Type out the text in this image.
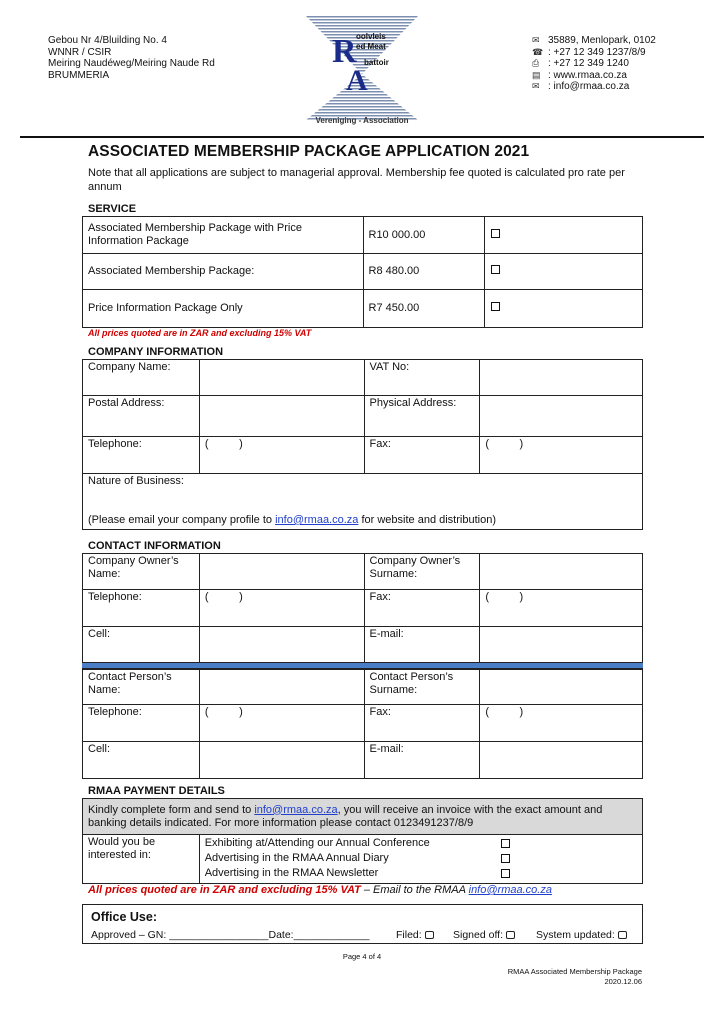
Gebou Nr 4/Bluilding No. 4
WNNR / CSIR
Meiring Naudéweg/Meiring Naude Rd
BRUMMERIA
R
A
oolvleis
ed Meat
battoir
Vereniging - Association
✉ 35889, Menlopark, 0102
☎ : +27 12 349 1237/8/9
⎙ : +27 12 349 1240
▤ : www.rmaa.co.za
✉ : info@rmaa.co.za
ASSOCIATED MEMBERSHIP PACKAGE APPLICATION 2021
Note that all applications are subject to managerial approval. Membership fee quoted is calculated pro rate per annum
SERVICE
Associated Membership Package with Price Information Package	R10 000.00	
Associated Membership Package:	R8 480.00	
Price Information Package Only	R7 450.00	
All prices quoted are in ZAR and excluding 15% VAT
COMPANY INFORMATION
Company Name:		VAT No:	
Postal Address:		Physical Address:	
Telephone:	(          )	Fax:	(          )

Nature of Business:
(Please email your company profile to info@rmaa.co.za for website and distribution)			
CONTACT INFORMATION
Company Owner’s Name:		Company Owner’s Surname:	
Telephone:	(          )	Fax:	(          )
Cell:		E-mail:	
Contact Person’s Name:		Contact Person’s Surname:	
Telephone:	(          )	Fax:	(          )
Cell:		E-mail:	
RMAA PAYMENT DETAILS
Kindly complete form and send to info@rmaa.co.za, you will receive an invoice with the exact amount and banking details indicated. For more information please contact 0123491237/8/9
Would you be interested in:	
Exhibiting at/Attending our Annual Conference
Advertising in the RMAA Annual Diary
Advertising in the RMAA Newsletter
All prices quoted are in ZAR and excluding 15% VAT – Email to the RMAA info@rmaa.co.za
Office Use:
Approved – GN: _________________Date:_____________	Filed:	Signed off:	System updated:
Page 4 of 4
RMAA Associated Membership Package
2020.12.06
